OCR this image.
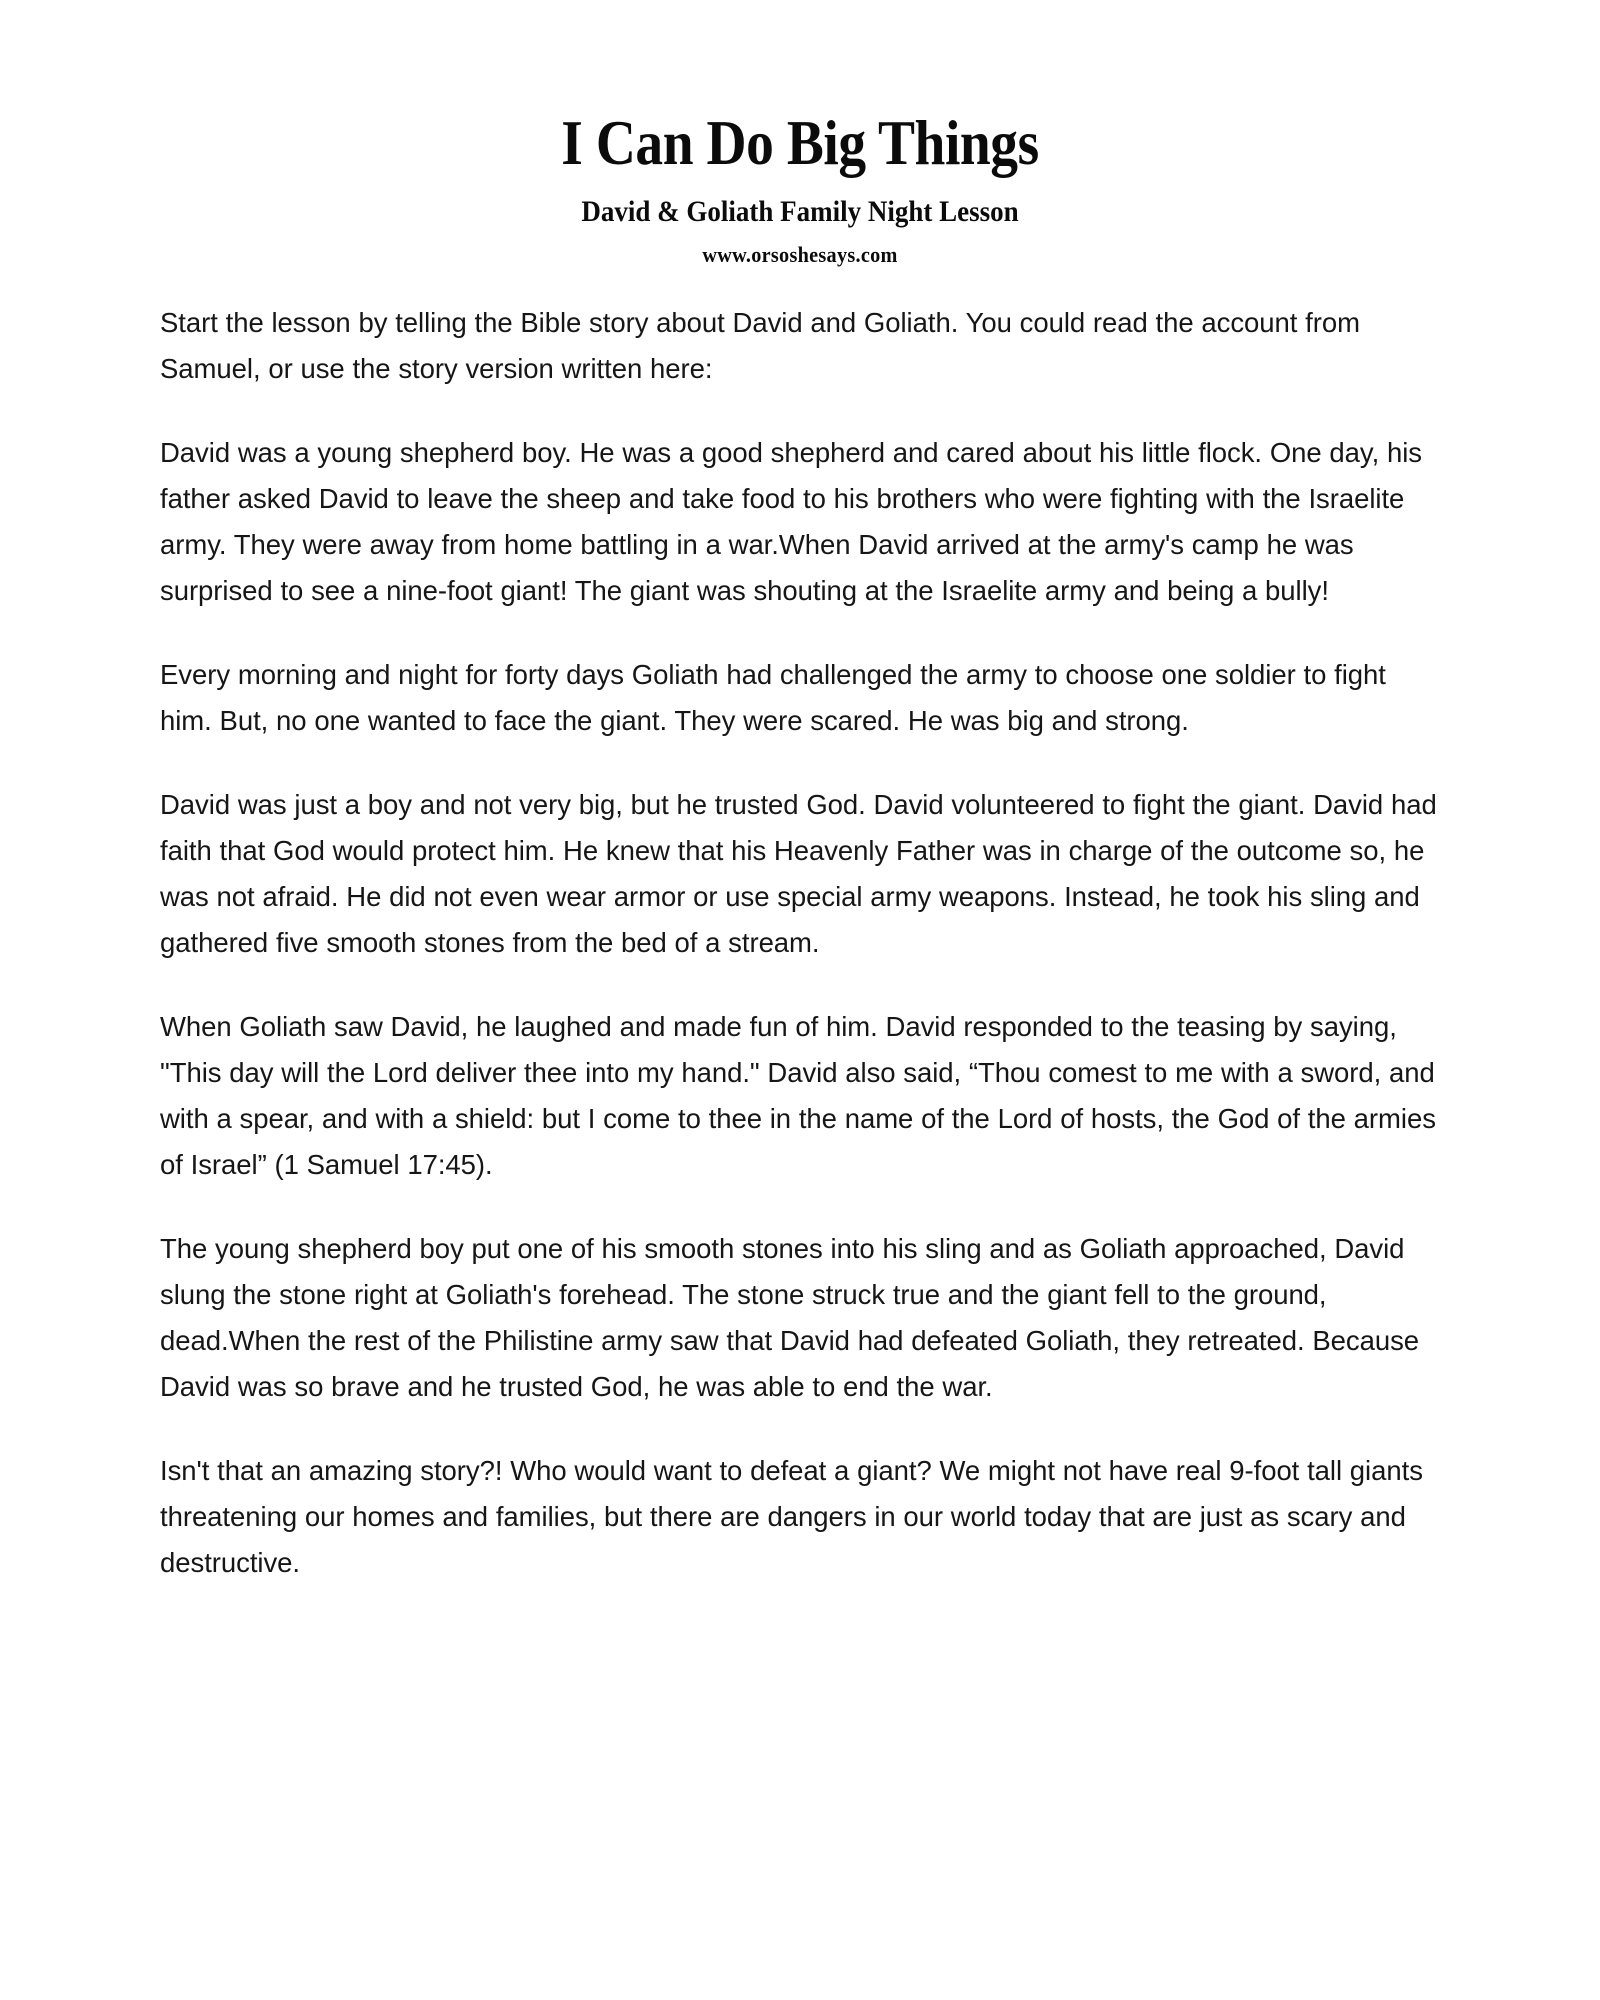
I Can Do Big Things
David & Goliath Family Night Lesson
www.orsoshesays.com

Start the lesson by telling the Bible story about David and Goliath. You could read the account from Samuel, or use the story version written here:

David was a young shepherd boy. He was a good shepherd and cared about his little flock. One day, his father asked David to leave the sheep and take food to his brothers who were fighting with the Israelite army. They were away from home battling in a war.When David arrived at the army's camp he was surprised to see a nine-foot giant! The giant was shouting at the Israelite army and being a bully!

Every morning and night for forty days Goliath had challenged the army to choose one soldier to fight him. But, no one wanted to face the giant. They were scared. He was big and strong.

David was just a boy and not very big, but he trusted God. David volunteered to fight the giant. David had faith that God would protect him. He knew that his Heavenly Father was in charge of the outcome so, he was not afraid. He did not even wear armor or use special army weapons. Instead, he took his sling and gathered five smooth stones from the bed of a stream.

When Goliath saw David, he laughed and made fun of him. David responded to the teasing by saying, "This day will the Lord deliver thee into my hand." David also said, “Thou comest to me with a sword, and with a spear, and with a shield: but I come to thee in the name of the Lord of hosts, the God of the armies of Israel” (1 Samuel 17:45).

The young shepherd boy put one of his smooth stones into his sling and as Goliath approached, David slung the stone right at Goliath's forehead. The stone struck true and the giant fell to the ground, dead.When the rest of the Philistine army saw that David had defeated Goliath, they retreated. Because David was so brave and he trusted God, he was able to end the war.

Isn't that an amazing story?! Who would want to defeat a giant? We might not have real 9-foot tall giants threatening our homes and families, but there are dangers in our world today that are just as scary and destructive.
